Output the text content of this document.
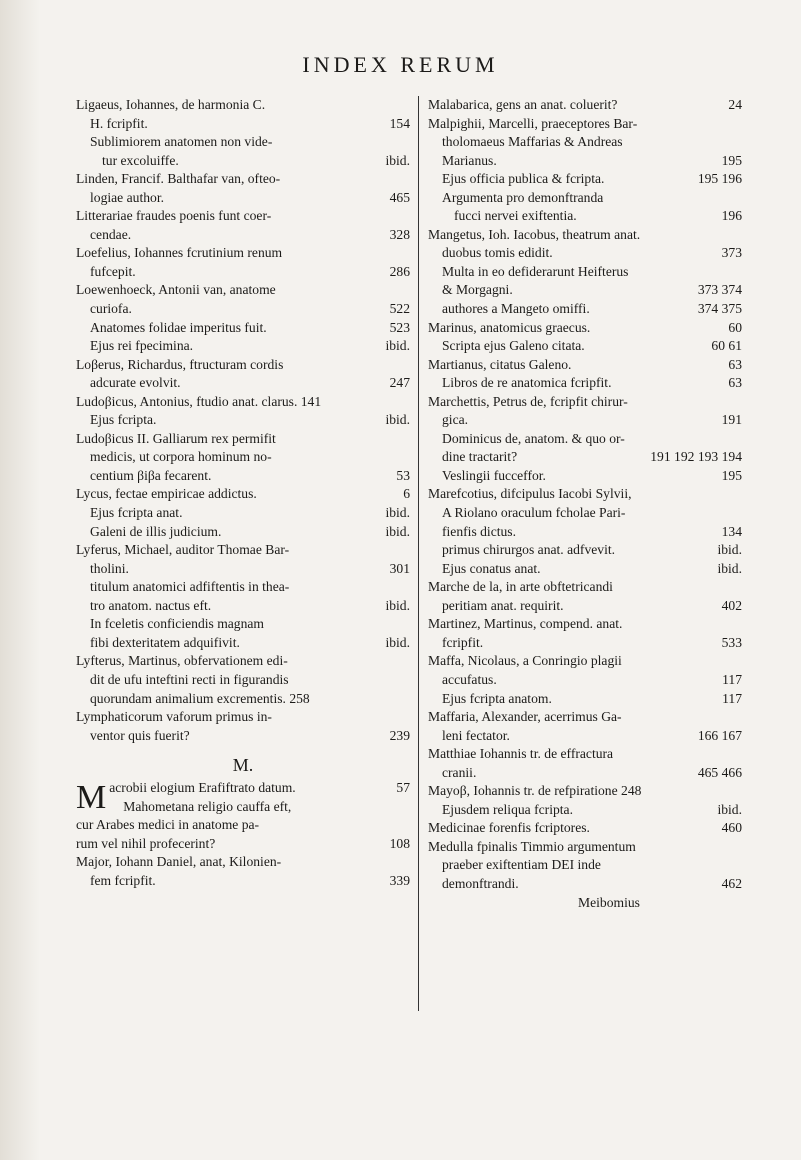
INDEX RERUM
Ligaeus, Iohannes, de harmonia C.
H. fcripfit.	154
Sublimiorem anatomen non vide-
tur excoluiffe.	ibid.
Linden, Francif. Balthafar van, ofteo-
logiae author.	465
Litterariae fraudes poenis funt coer-
cendae.	328
Loefelius, Iohannes fcrutinium renum
fufcepit.	286
Loewenhoeck, Antonii van, anatome
curiofa.	522
Anatomes folidae imperitus fuit.	523
Ejus rei fpecimina.	ibid.
Loβerus, Richardus, ftructuram cordis
adcurate evolvit.	247
Ludoβicus, Antonius, ftudio anat. clarus. 141
Ejus fcripta.	ibid.
Ludoβicus II. Galliarum rex permifit
medicis, ut corpora hominum no-
centium βiβa fecarent.	53
Lycus, fectae empiricae addictus.	6
Ejus fcripta anat.	ibid.
Galeni de illis judicium.	ibid.
Lyferus, Michael, auditor Thomae Bar-
tholini.	301
titulum anatomici adfiftentis in thea-
tro anatom. nactus eft.	ibid.
In fceletis conficiendis magnam
fibi dexteritatem adquifivit.	ibid.
Lyfterus, Martinus, obfervationem edi-
dit de ufu inteftini recti in figurandis
quorundam animalium excrementis. 258
Lymphaticorum vaforum primus in-
ventor quis fuerit?	239
M.
Macrobii elogium Erafiftrato datum.	57
Mahometana religio cauffa eft,
cur Arabes medici in anatome pa-
rum vel nihil profecerint?	108
Major, Iohann Daniel, anat, Kilonien-
fem fcripfit.	339
Malabarica, gens an anat. coluerit?	24
Malpighii, Marcelli, praeceptores Bar-
tholomaeus Maffarias & Andreas
Marianus.	195
Ejus officia publica & fcripta.	195 196
Argumenta pro demonftranda
fucci nervei exiftentia.	196
Mangetus, Ioh. Iacobus, theatrum anat.
duobus tomis edidit.	373
Multa in eo defiderarunt Heifterus
& Morgagni.	373 374
authores a Mangeto omiffi.	374 375
Marinus, anatomicus graecus.	60
Scripta ejus Galeno citata.	60 61
Martianus, citatus Galeno.	63
Libros de re anatomica fcripfit.	63
Marchettis, Petrus de, fcripfit chirur-
gica.	191
Dominicus de, anatom. & quo or-
dine tractarit?	191 192 193 194
Veslingii fucceffor.	195
Marefcotius, difcipulus Iacobi Sylvii,
A Riolano oraculum fcholae Pari-
fienfis dictus.	134
primus chirurgos anat. adfvevit.	ibid.
Ejus conatus anat.	ibid.
Marche de la, in arte obftetricandi
peritiam anat. requirit.	402
Martinez, Martinus, compend. anat.
fcripfit.	533
Maffa, Nicolaus, a Conringio plagii
accufatus.	117
Ejus fcripta anatom.	117
Maffaria, Alexander, acerrimus Ga-
leni fectator.	166 167
Matthiae Iohannis tr. de effractura
cranii.	465 466
Mayoβ, Iohannis tr. de refpiratione 248
Ejusdem reliqua fcripta.	ibid.
Medicinae forenfis fcriptores.	460
Medulla fpinalis Timmio argumentum
praeber exiftentiam DEI inde
demonftrandi.	462
Meibomius
